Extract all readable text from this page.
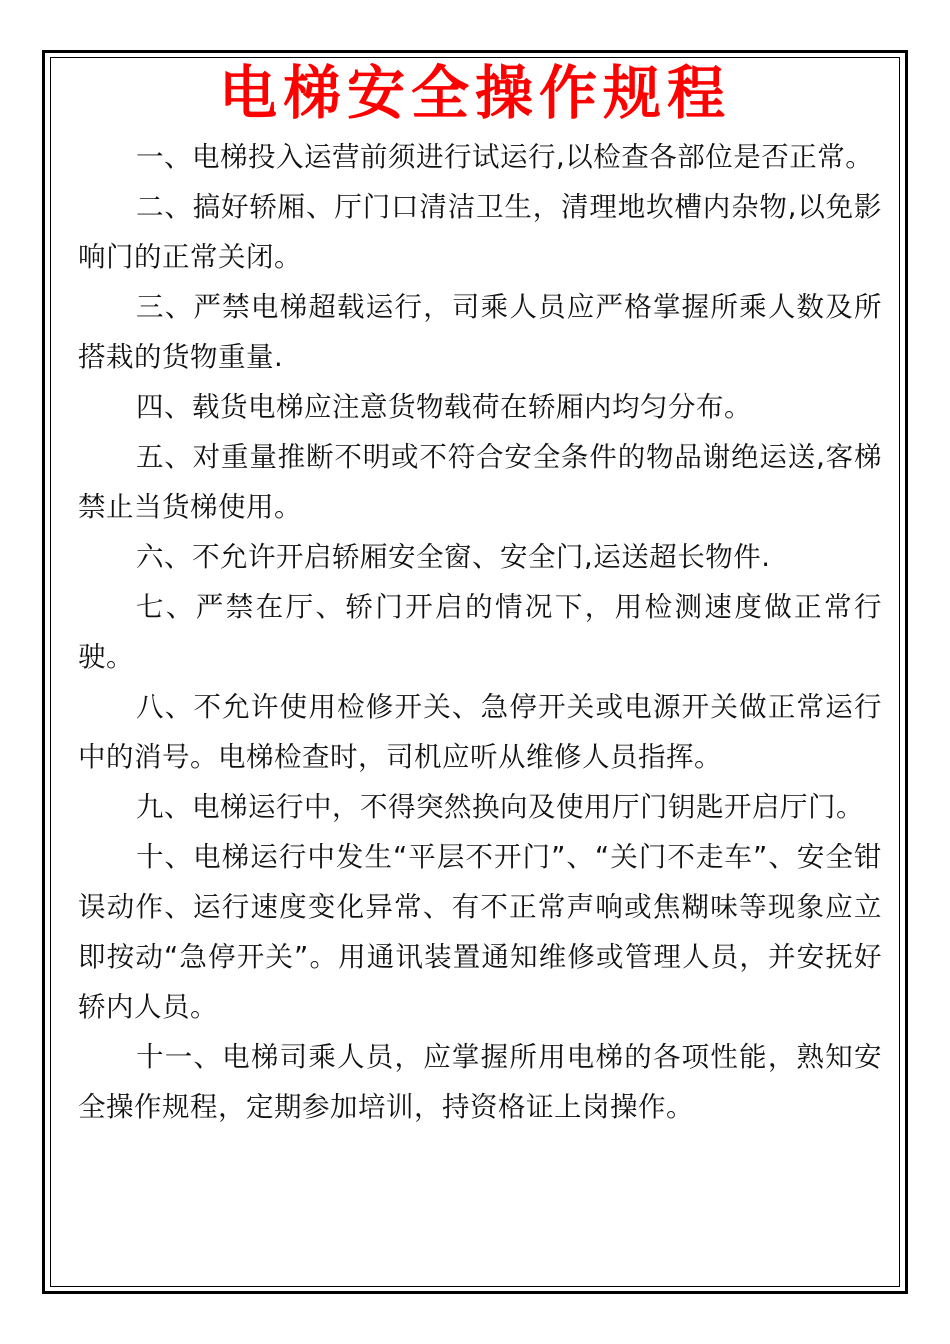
电梯安全操作规程

一、电梯投入运营前须进行试运行,以检查各部位是否正常。

二、搞好轿厢、厅门口清洁卫生，清理地坎槽内杂物,以免影响门的正常关闭。

三、严禁电梯超载运行，司乘人员应严格掌握所乘人数及所搭栽的货物重量.

四、载货电梯应注意货物载荷在轿厢内均匀分布。

五、对重量推断不明或不符合安全条件的物品谢绝运送,客梯禁止当货梯使用。

六、不允许开启轿厢安全窗、安全门,运送超长物件.

七、严禁在厅、轿门开启的情况下，用检测速度做正常行驶。

八、不允许使用检修开关、急停开关或电源开关做正常运行中的消号。电梯检查时，司机应听从维修人员指挥。

九、电梯运行中，不得突然换向及使用厅门钥匙开启厅门。

十、电梯运行中发生“平层不开门”、“关门不走车”、安全钳误动作、运行速度变化异常、有不正常声响或焦糊味等现象应立即按动“急停开关”。用通讯装置通知维修或管理人员，并安抚好轿内人员。

十一、电梯司乘人员，应掌握所用电梯的各项性能，熟知安全操作规程，定期参加培训，持资格证上岗操作。
